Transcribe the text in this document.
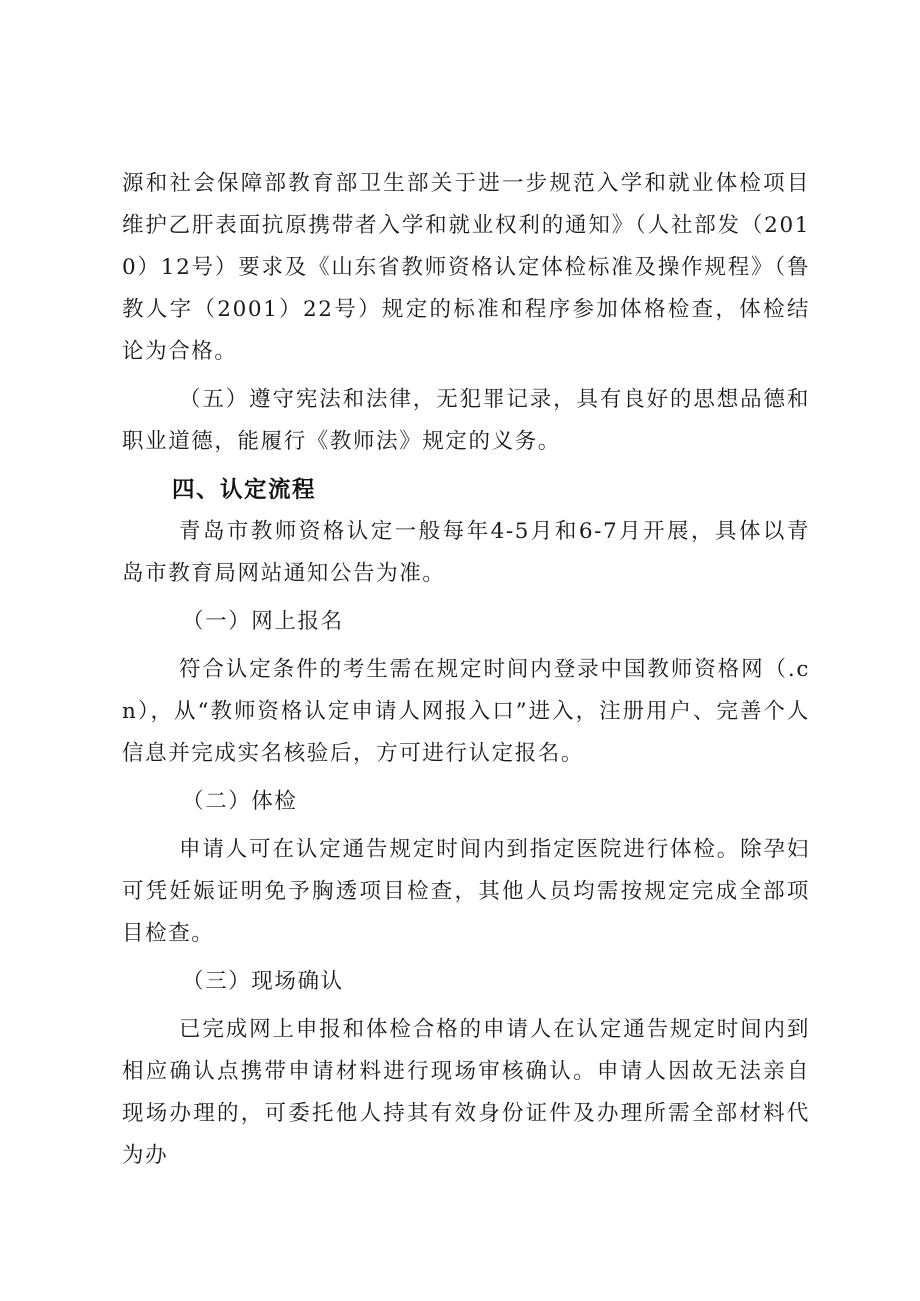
源和社会保障部教育部卫生部关于进一步规范入学和就业体检项目维护乙肝表面抗原携带者入学和就业权利的通知》（人社部发（2010）12号）要求及《山东省教师资格认定体检标准及操作规程》（鲁教人字（2001）22号）规定的标准和程序参加体格检查，体检结论为合格。

（五）遵守宪法和法律，无犯罪记录，具有良好的思想品德和职业道德，能履行《教师法》规定的义务。

四、认定流程

青岛市教师资格认定一般每年4-5月和6-7月开展，具体以青岛市教育局网站通知公告为准。

（一）网上报名

符合认定条件的考生需在规定时间内登录中国教师资格网（.cn），从“教师资格认定申请人网报入口”进入，注册用户、完善个人信息并完成实名核验后，方可进行认定报名。

（二）体检

申请人可在认定通告规定时间内到指定医院进行体检。除孕妇可凭妊娠证明免予胸透项目检查，其他人员均需按规定完成全部项目检查。

（三）现场确认

已完成网上申报和体检合格的申请人在认定通告规定时间内到相应确认点携带申请材料进行现场审核确认。申请人因故无法亲自现场办理的，可委托他人持其有效身份证件及办理所需全部材料代为办
